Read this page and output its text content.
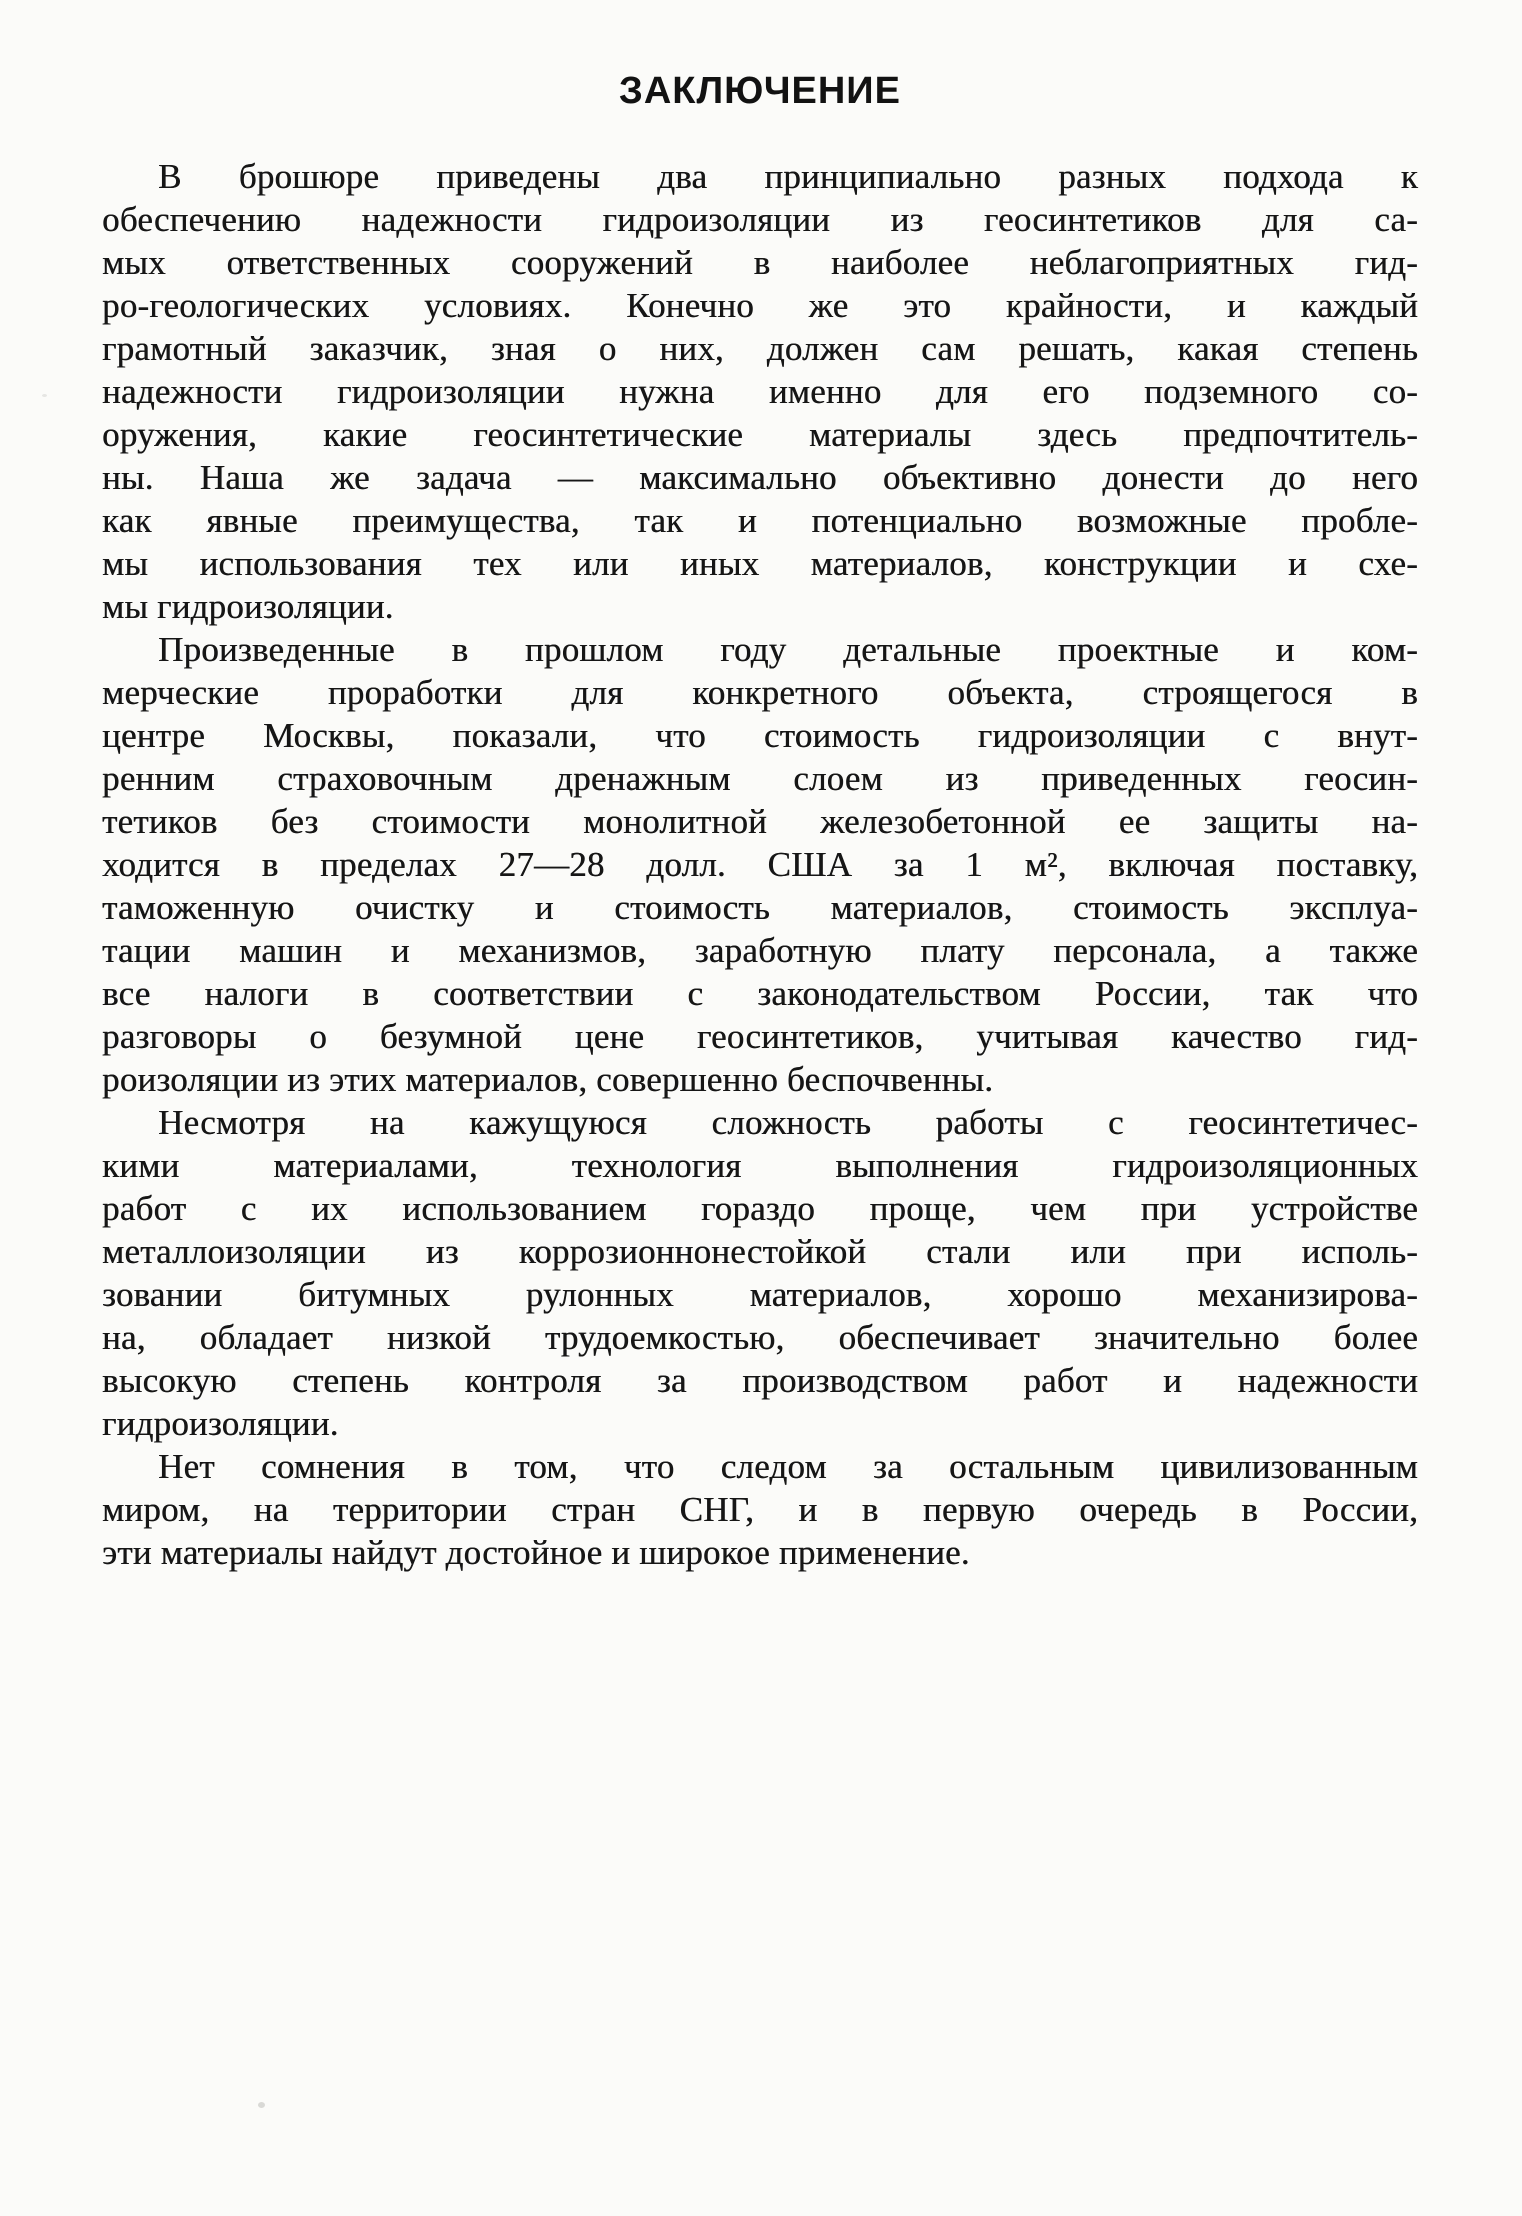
ЗАКЛЮЧЕНИЕ

В брошюре приведены два принципиально разных подхода к
обеспечению надежности гидроизоляции из геосинтетиков для са-
мых ответственных сооружений в наиболее неблагоприятных гид-
ро-геологических условиях. Конечно же это крайности, и каждый
грамотный заказчик, зная о них, должен сам решать, какая степень
надежности гидроизоляции нужна именно для его подземного со-
оружения, какие геосинтетические материалы здесь предпочтитель-
ны. Наша же задача — максимально объективно донести до него
как явные преимущества, так и потенциально возможные пробле-
мы использования тех или иных материалов, конструкции и схе-
мы гидроизоляции.

Произведенные в прошлом году детальные проектные и ком-
мерческие проработки для конкретного объекта, строящегося в
центре Москвы, показали, что стоимость гидроизоляции с внут-
ренним страховочным дренажным слоем из приведенных геосин-
тетиков без стоимости монолитной железобетонной ее защиты на-
ходится в пределах 27—28 долл. США за 1 м², включая поставку,
таможенную очистку и стоимость материалов, стоимость эксплуа-
тации машин и механизмов, заработную плату персонала, а также
все налоги в соответствии с законодательством России, так что
разговоры о безумной цене геосинтетиков, учитывая качество гид-
роизоляции из этих материалов, совершенно беспочвенны.

Несмотря на кажущуюся сложность работы с геосинтетичес-
кими материалами, технология выполнения гидроизоляционных
работ с их использованием гораздо проще, чем при устройстве
металлоизоляции из коррозионнонестойкой стали или при исполь-
зовании битумных рулонных материалов, хорошо механизирова-
на, обладает низкой трудоемкостью, обеспечивает значительно более
высокую степень контроля за производством работ и надежности
гидроизоляции.

Нет сомнения в том, что следом за остальным цивилизованным
миром, на территории стран СНГ, и в первую очередь в России,
эти материалы найдут достойное и широкое применение.
